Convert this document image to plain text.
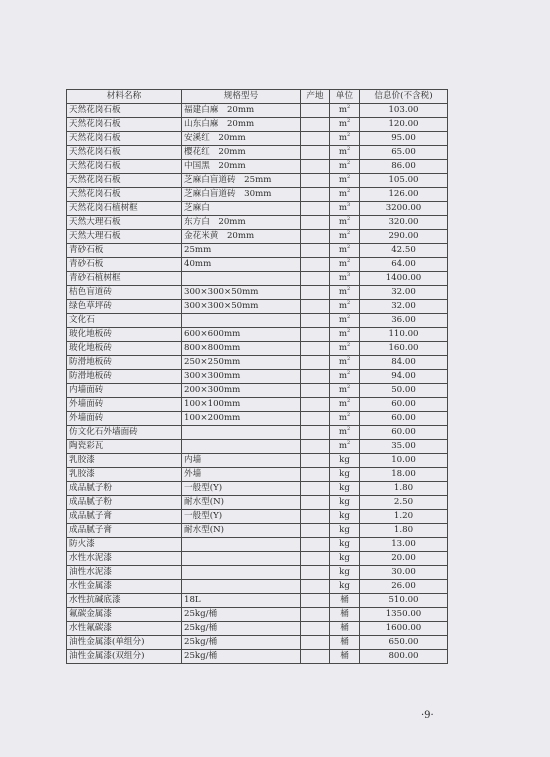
材料名称	规格型号	产地	单位	信息价(不含税)
天然花岗石板	福建白麻　20mm		$m^2$	103.00
天然花岗石板	山东白麻　20mm		$m^2$	120.00
天然花岗石板	安溪红　20mm		$m^2$	95.00
天然花岗石板	樱花红　20mm		$m^2$	65.00
天然花岗石板	中国黑　20mm		$m^2$	86.00
天然花岗石板	芝麻白盲道砖　25mm		$m^2$	105.00
天然花岗石板	芝麻白盲道砖　30mm		$m^2$	126.00
天然花岗石植树框	芝麻白		$m^3$	3200.00
天然大理石板	东方白　20mm		$m^2$	320.00
天然大理石板	金花米黄　20mm		$m^2$	290.00
青砂石板	25mm		$m^2$	42.50
青砂石板	40mm		$m^2$	64.00
青砂石植树框			$m^3$	1400.00
桔色盲道砖	300×300×50mm		$m^2$	32.00
绿色草坪砖	300×300×50mm		$m^2$	32.00
文化石			$m^2$	36.00
玻化地板砖	600×600mm		$m^2$	110.00
玻化地板砖	800×800mm		$m^2$	160.00
防滑地板砖	250×250mm		$m^2$	84.00
防滑地板砖	300×300mm		$m^2$	94.00
内墙面砖	200×300mm		$m^2$	50.00
外墙面砖	100×100mm		$m^2$	60.00
外墙面砖	100×200mm		$m^2$	60.00
仿文化石外墙面砖			$m^2$	60.00
陶瓷彩瓦			$m^2$	35.00
乳胶漆	内墙		kg	10.00
乳胶漆	外墙		kg	18.00
成品腻子粉	一般型(Y)		kg	1.80
成品腻子粉	耐水型(N)		kg	2.50
成品腻子膏	一般型(Y)		kg	1.20
成品腻子膏	耐水型(N)		kg	1.80
防火漆			kg	13.00
水性水泥漆			kg	20.00
油性水泥漆			kg	30.00
水性金属漆			kg	26.00
水性抗碱底漆	18L		桶	510.00
氟碳金属漆	25kg/桶		桶	1350.00
水性氟碳漆	25kg/桶		桶	1600.00
油性金属漆(单组分)	25kg/桶		桶	650.00
油性金属漆(双组分)	25kg/桶		桶	800.00
·9·
